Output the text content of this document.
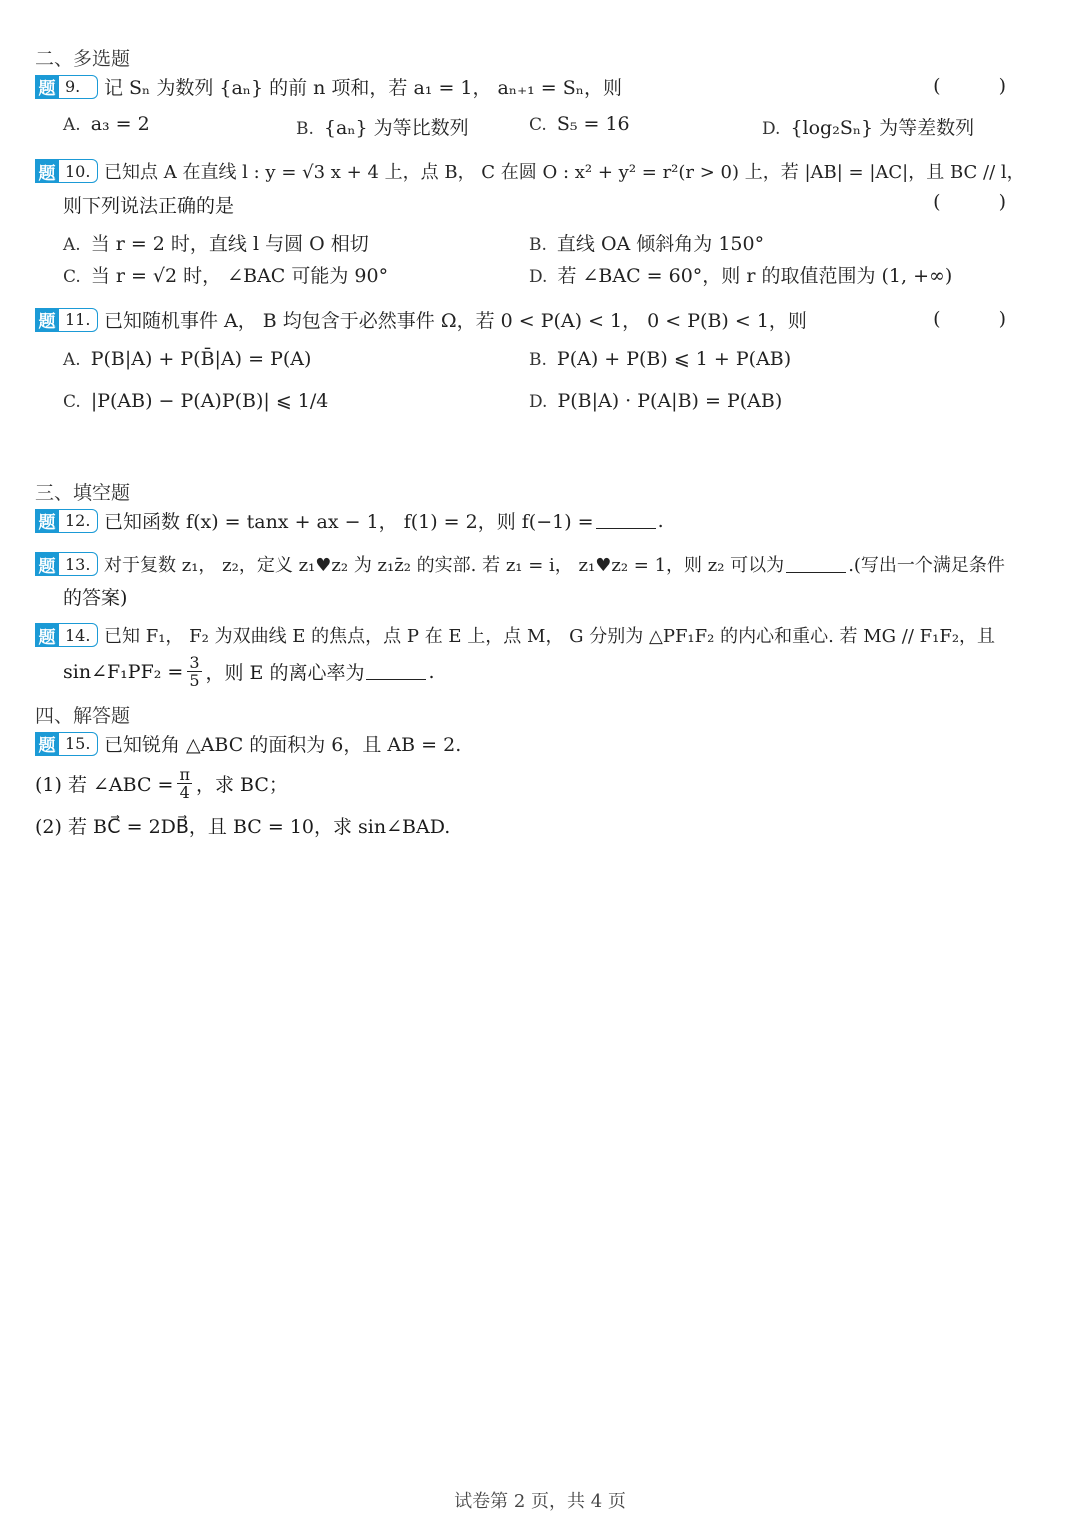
二、多选题
题 9.	记 Sₙ 为数列 {aₙ} 的前 n 项和，若 a₁ = 1， aₙ₊₁ = Sₙ，则	( )
A. a₃ = 2	B. {aₙ} 为等比数列	C. S₅ = 16	D. {log₂Sₙ} 为等差数列
题 10. 已知点 A 在直线 l : y = √3 x + 4 上，点 B， C 在圆 O : x² + y² = r²(r > 0) 上，若 |AB| = |AC|，且 BC // l，
则下列说法正确的是	( )
A. 当 r = 2 时，直线 l 与圆 O 相切	B. 直线 OA 倾斜角为 150°
C. 当 r = √2 时， ∠BAC 可能为 90°	D. 若 ∠BAC = 60°，则 r 的取值范围为 (1, +∞)
题 11. 已知随机事件 A， B 均包含于必然事件 Ω，若 0 < P(A) < 1， 0 < P(B) < 1，则	( )
A. P(B|A) + P(B̄|A) = P(A)	B. P(A) + P(B) ⩽ 1 + P(AB)
C. |P(AB) − P(A)P(B)| ⩽ 1/4	D. P(B|A) · P(A|B) = P(AB)
三、填空题
题 12. 已知函数 f(x) = tanx + ax − 1， f(1) = 2，则 f(−1) =	.
题 13. 对于复数 z₁， z₂，定义 z₁♥z₂ 为 z₁z̄₂ 的实部. 若 z₁ = i， z₁♥z₂ = 1，则 z₂ 可以为	.(写出一个满足条件
的答案)
题 14. 已知 F₁， F₂ 为双曲线 E 的焦点，点 P 在 E 上，点 M， G 分别为 △PF₁F₂ 的内心和重心. 若 MG // F₁F₂，且
sin∠F₁PF₂ = $\frac{3}{5}$ ，则 E 的离心率为	.
四、解答题
题 15. 已知锐角 △ABC 的面积为 6，且 AB = 2.
(1) 若 ∠ABC = $\frac{\pi}{4}$ ，求 BC；
(2) 若 BC⃗ = 2DB⃗，且 BC = 10，求 sin∠BAD.
试卷第 2 页，共 4 页
